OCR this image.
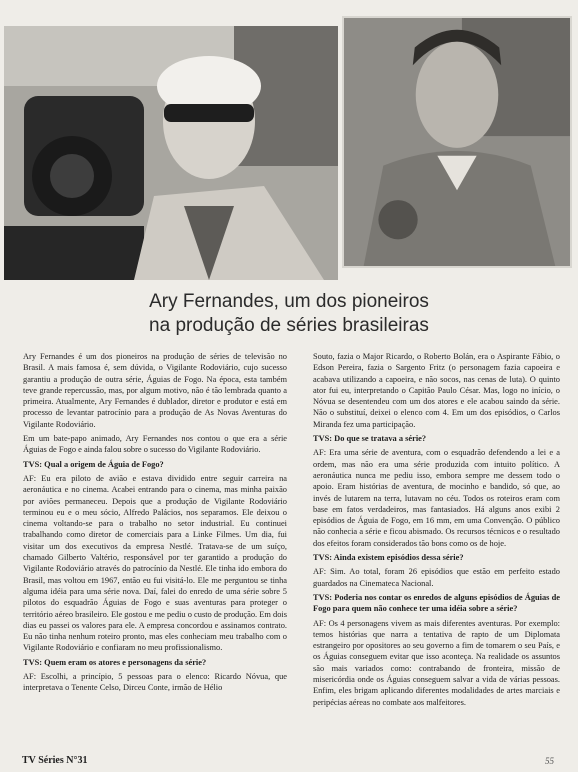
Ary Fernandes, um dos pioneiros
na produção de séries brasileiras

Ary Fernandes é um dos pioneiros na produção de séries de televisão no Brasil. A mais famosa é, sem dúvida, o Vigilante Rodoviário, cujo sucesso garantiu a produção de outra série, Águias de Fogo. Na época, esta também teve grande repercussão, mas, por algum motivo, não é tão lembrada quanto a primeira. Atualmente, Ary Fernandes é dublador, diretor e produtor e está em processo de levantar patrocínio para a produção de As Novas Aventuras do Vigilante Rodoviário.

Em um bate-papo animado, Ary Fernandes nos contou o que era a série Águias de Fogo e ainda falou sobre o sucesso do Vigilante Rodoviário.

TVS: Qual a origem de Águia de Fogo?

AF: Eu era piloto de avião e estava dividido entre seguir carreira na aeronáutica e no cinema. Acabei entrando para o cinema, mas minha paixão por aviões permaneceu. Depois que a produção de Vigilante Rodoviário terminou eu e o meu sócio, Alfredo Palácios, nos separamos. Ele deixou o cinema voltando-se para o trabalho no setor industrial. Eu continuei trabalhando como diretor de comerciais para a Linke Filmes. Um dia, fui visitar um dos executivos da empresa Nestlé. Tratava-se de um suíço, chamado Gilberto Valtério, responsável por ter garantido a produção do Vigilante Rodoviário através do patrocínio da Nestlé. Ele tinha ido embora do Brasil, mas voltou em 1967, então eu fui visitá-lo. Ele me perguntou se tinha alguma idéia para uma série nova. Daí, falei do enredo de uma série sobre 5 pilotos do esquadrão Águias de Fogo e suas aventuras para proteger o território aéreo brasileiro. Ele gostou e me pediu o custo de produção. Em dois dias eu passei os valores para ele. A empresa concordou e assinamos contrato. Eu não tinha nenhum roteiro pronto, mas eles conheciam meu trabalho com o Vigilante Rodoviário e confiaram no meu profissionalismo.

TVS: Quem eram os atores e personagens da série?

AF: Escolhi, a princípio, 5 pessoas para o elenco: Ricardo Nóvua, que interpretava o Tenente Celso, Dirceu Conte, irmão de Hélio

Souto, fazia o Major Ricardo, o Roberto Bolán, era o Aspirante Fábio, o Edson Pereira, fazia o Sargento Fritz (o personagem fazia capoeira e acabava utilizando a capoeira, e não socos, nas cenas de luta). O quinto ator fui eu, interpretando o Capitão Paulo César. Mas, logo no início, o Nóvua se desentendeu com um dos atores e ele acabou saindo da série. Não o substituí, deixei o elenco com 4. Em um dos episódios, o Carlos Miranda fez uma participação.

TVS: Do que se tratava a série?

AF: Era uma série de aventura, com o esquadrão defendendo a lei e a ordem, mas não era uma série produzida com intuito político. A aeronáutica nunca me pediu isso, embora sempre me dessem todo o apoio. Eram histórias de aventura, de mocinho e bandido, só que, ao invés de lutarem na terra, lutavam no céu. Todos os roteiros eram com base em fatos verdadeiros, mas fantasiados. Há alguns anos exibi 2 episódios de Águia de Fogo, em 16 mm, em uma Convenção. O público não conhecia a série e ficou abismado. Os recursos técnicos e o resultado dos efeitos foram considerados tão bons como os de hoje.

TVS: Ainda existem episódios dessa série?

AF: Sim. Ao total, foram 26 episódios que estão em perfeito estado guardados na Cinemateca Nacional.

TVS: Poderia nos contar os enredos de alguns episódios de Águias de Fogo para quem não conhece ter uma idéia sobre a série?

AF: Os 4 personagens vivem as mais diferentes aventuras. Por exemplo: temos histórias que narra a tentativa de rapto de um Diplomata estrangeiro por opositores ao seu governo a fim de tomarem o seu País, e os Águias conseguem evitar que isso aconteça. Na realidade os assuntos são mais variados como: contrabando de fronteira, missão de misericórdia onde os Águias conseguem salvar a vida de várias pessoas. Enfim, eles brigam aplicando diferentes modalidades de artes marciais e peripécias aéreas no combate aos malfeitores.

TV Séries N°31	55
